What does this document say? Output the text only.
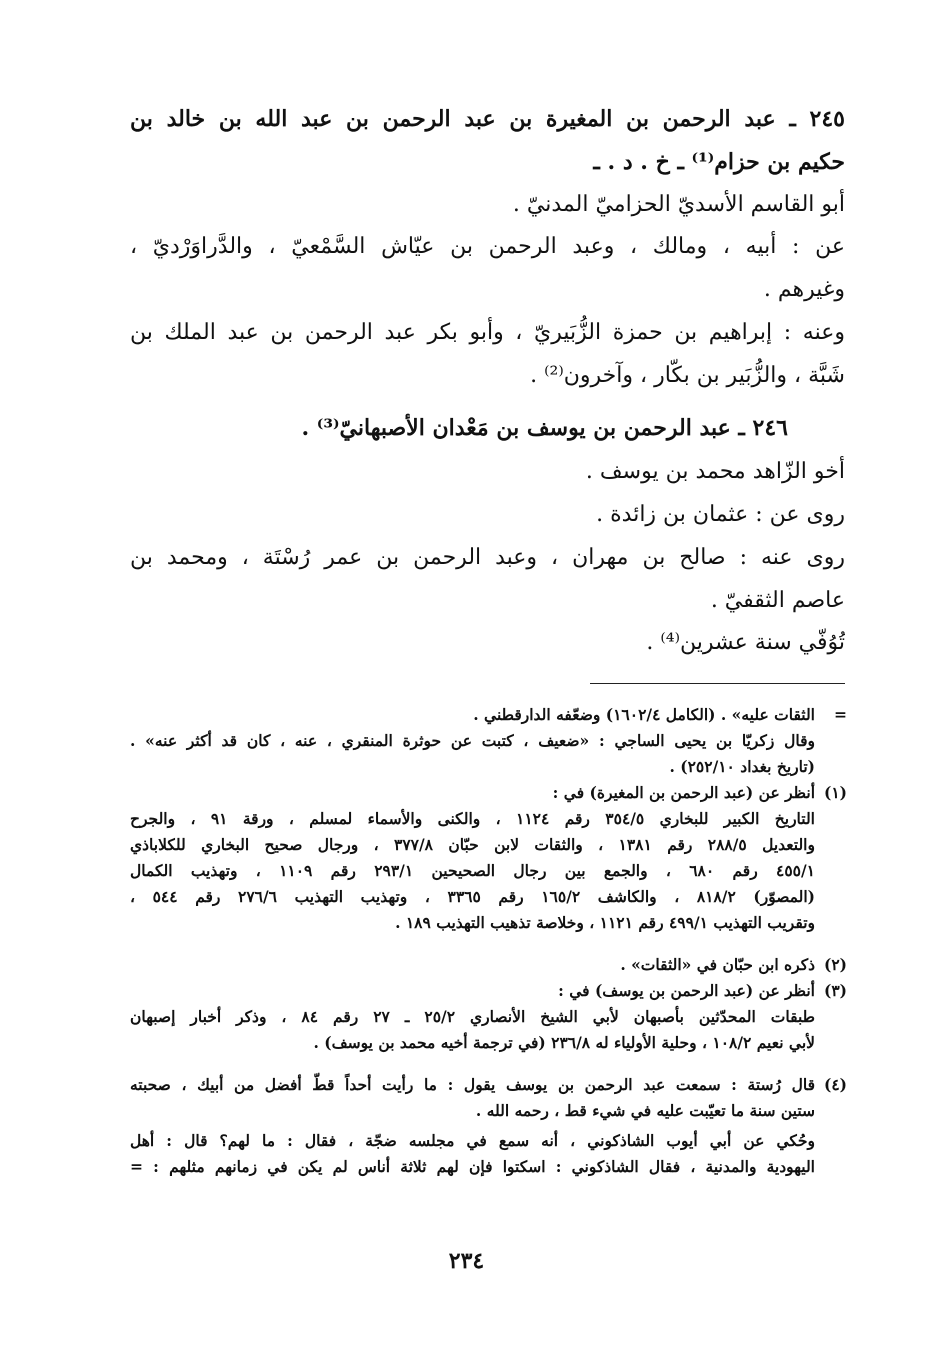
٢٤٥ ـ عبد الرحمن بن المغيرة بن عبد الرحمن بن عبد الله بن خالد بن
حكيم بن حزام⁽¹⁾ ـ خ . د . ـ
أبو القاسم الأسديّ الحزاميّ المدنيّ .
عن : أبيه ، ومالك ، وعبد الرحمن بن عيّاش السَّمْعيّ ، والدَّراوَرْديّ ،
وغيرهم .
وعنه : إبراهيم بن حمزة الزُّبَيريّ ، وأبو بكر عبد الرحمن بن عبد الملك بن
شَبَّة ، والزُّبَير بن بكّار ، وآخرون⁽²⁾ .
٢٤٦ ـ عبد الرحمن بن يوسف بن مَعْدان الأصبهانيّ⁽³⁾ .
أخو الزّاهد محمد بن يوسف .
روى عن : عثمان بن زائدة .
روى عنه : صالح بن مهران ، وعبد الرحمن بن عمر رُسْتَة ، ومحمد بن
عاصم الثقفيّ .
تُوُفّي سنة عشرين⁽⁴⁾ .
=
الثقات عليه» . (الكامل ١٦٠٢/٤) وضعّفه الدارقطني .
وقال زكريّا بن يحيى الساجي : «ضعيف ، كتبت عن حوثرة المنقري ، عنه ، كان قد أكثر عنه» .
(تاريخ بغداد ٢٥٢/١٠) .
(١)
أنظر عن (عبد الرحمن بن المغيرة) في :
التاريخ الكبير للبخاري ٣٥٤/٥ رقم ١١٢٤ ، والكنى والأسماء لمسلم ، ورقة ٩١ ، والجرح
والتعديل ٢٨٨/٥ رقم ١٣٨١ ، والثقات لابن حبّان ٣٧٧/٨ ، ورجال صحيح البخاري للكلاباذي
٤٥٥/١ رقم ٦٨٠ ، والجمع بين رجال الصحيحين ٢٩٣/١ رقم ١١٠٩ ، وتهذيب الكمال
(المصوّر) ٨١٨/٢ ، والكاشف ١٦٥/٢ رقم ٣٣٦٥ ، وتهذيب التهذيب ٢٧٦/٦ رقم ٥٤٤ ،
وتقريب التهذيب ٤٩٩/١ رقم ١١٢١ ، وخلاصة تذهيب التهذيب ١٨٩ .
(٢)
ذكره ابن حبّان في «الثقات» .
(٣)
أنظر عن (عبد الرحمن بن يوسف) في :
طبقات المحدّثين بأصبهان لأبي الشيخ الأنصاري ٢٥/٢ ـ ٢٧ رقم ٨٤ ، وذكر أخبار إصبهان
لأبي نعيم ١٠٨/٢ ، وحلية الأولياء له ٢٣٦/٨ (في ترجمة أخيه محمد بن يوسف) .
(٤)
قال رُستة : سمعت عبد الرحمن بن يوسف يقول : ما رأيت أحداً قطّ أفضل من أبيك ، صحبته
ستين سنة ما تعيّبت عليه في شيء قط ، رحمه الله .
وحُكي عن أبي أيوب الشاذكوني ، أنه سمع في مجلسه ضجّة ، فقال : ما لهم؟ قال : أهل
اليهودية والمدنية ، فقال الشاذكوني : اسكتوا فإن لهم ثلاثة أناس لم يكن في زمانهم مثلهم : =
٢٣٤
